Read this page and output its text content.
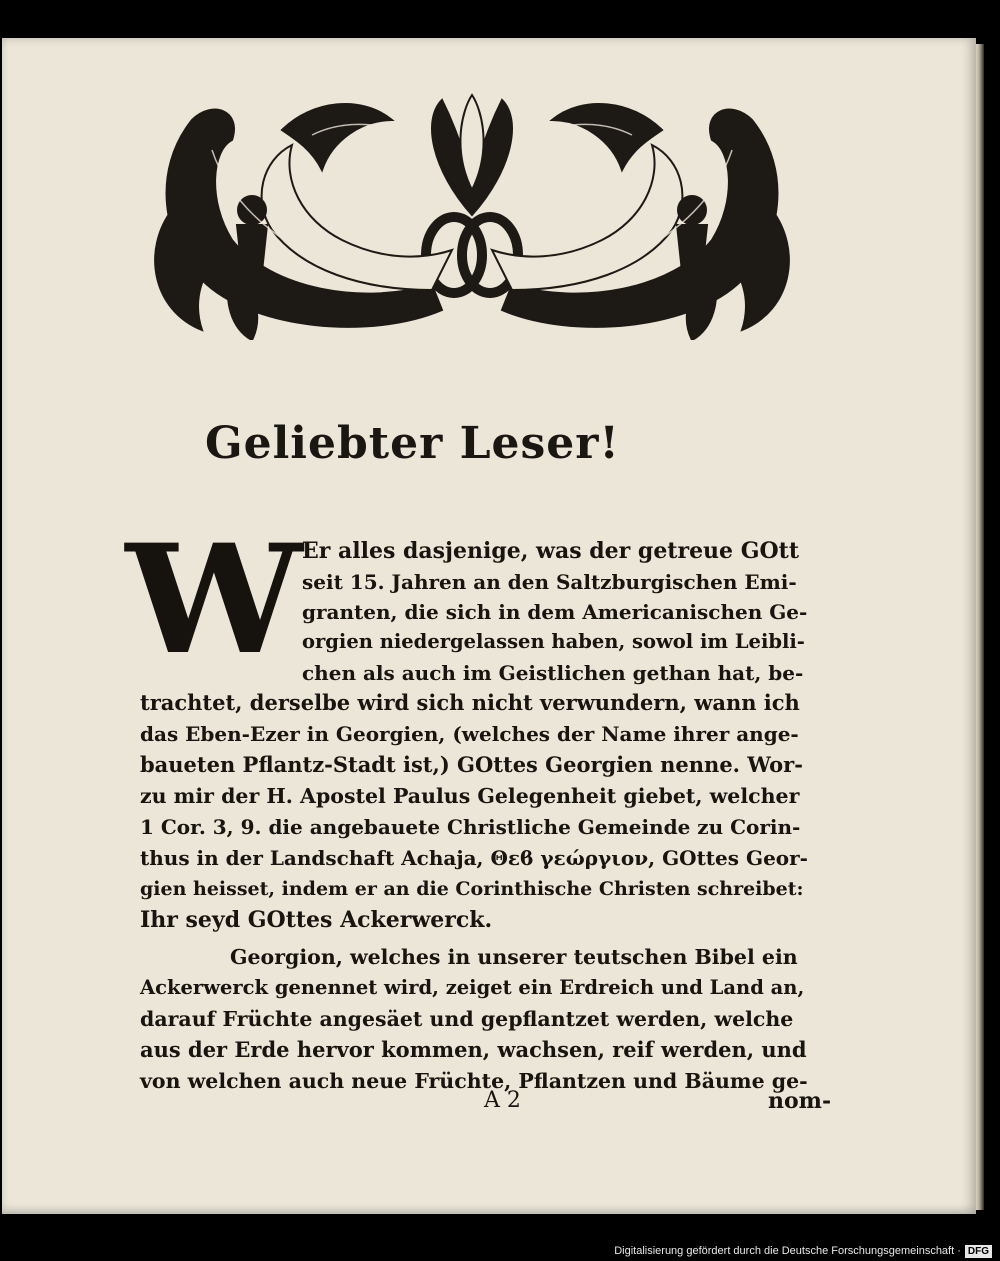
Geliebter Leser!
W Er alles dasjenige, was der getreue GOtt

seit 15. Jahren an den Saltzburgischen Emi-

granten, die sich in dem Americanischen Ge-

orgien niedergelassen haben, sowol im Leibli-

chen als auch im Geistlichen gethan hat, be-

trachtet, derselbe wird sich nicht verwundern, wann ich

das Eben-Ezer in Georgien, (welches der Name ihrer ange-

baueten Pflantz-Stadt ist,) GOttes Georgien nenne. Wor-

zu mir der H. Apostel Paulus Gelegenheit giebet, welcher

1 Cor. 3, 9. die angebauete Christliche Gemeinde zu Corin-

thus in der Landschaft Achaja, Θεϐ γεώργιον, GOttes Geor-

gien heisset, indem er an die Corinthische Christen schreibet:

Ihr seyd GOttes Ackerwerck.

Georgion, welches in unserer teutschen Bibel ein

Ackerwerck genennet wird, zeiget ein Erdreich und Land an,

darauf Früchte angesäet und gepflantzet werden, welche

aus der Erde hervor kommen, wachsen, reif werden, und

von welchen auch neue Früchte, Pflantzen und Bäume ge-

A 2	nom-

Digitalisierung gefördert durch die Deutsche Forschungsgemeinschaft · DFG
